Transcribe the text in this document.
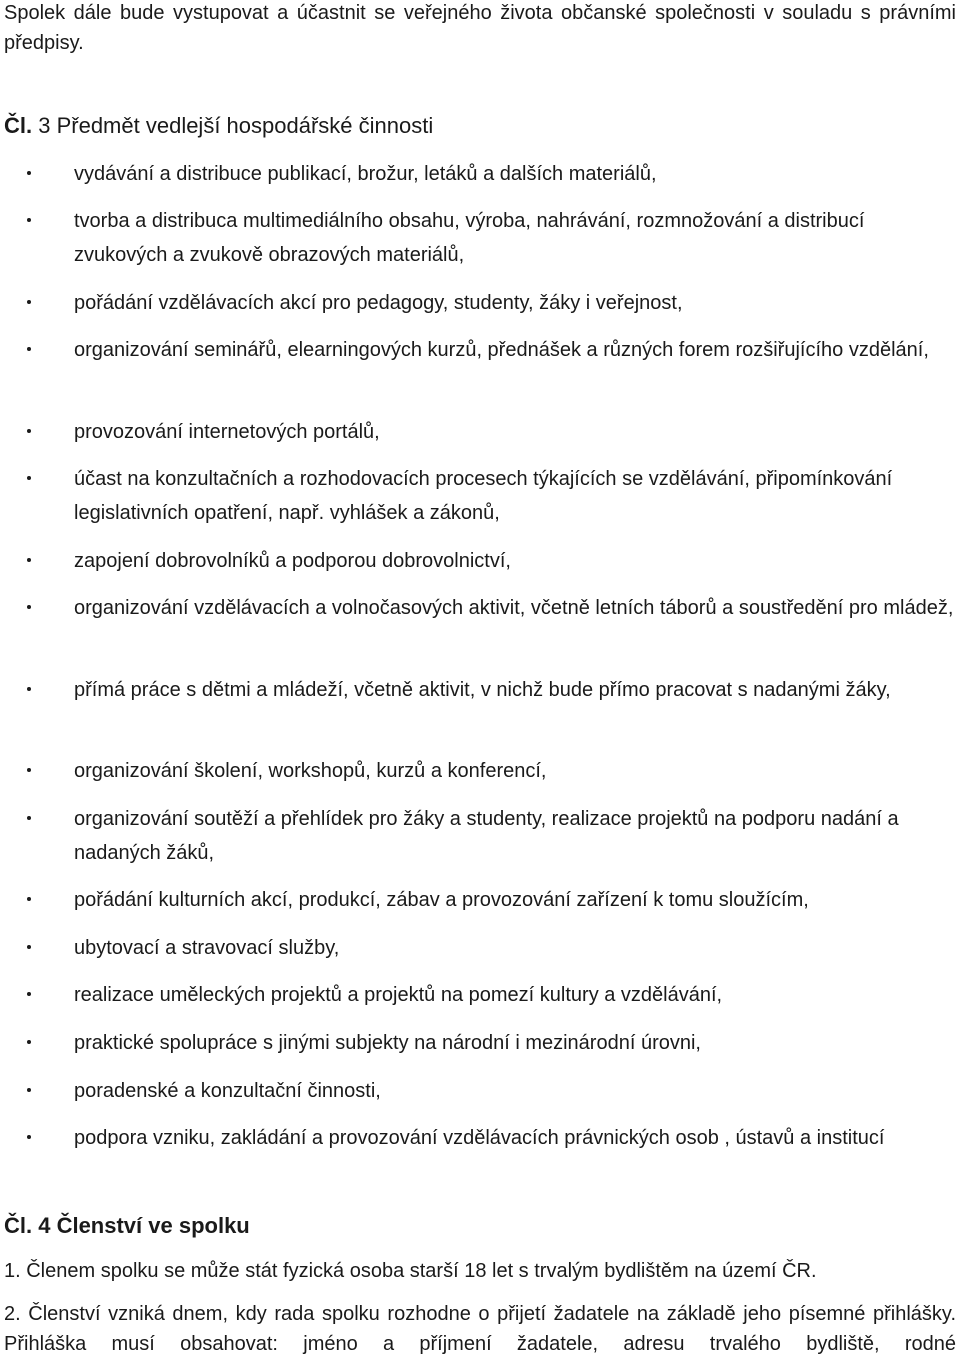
Spolek dále bude vystupovat a účastnit se veřejného života občanské společnosti v souladu s právními předpisy.

Čl. 3 Předmět vedlejší hospodářské činnosti
vydávání a distribuce publikací, brožur, letáků a dalších materiálů,
tvorba a distribuca multimediálního obsahu, výroba, nahrávání, rozmnožování a distribucí zvukových a zvukově obrazových materiálů,
pořádání vzdělávacích akcí pro pedagogy, studenty, žáky i veřejnost,
organizování seminářů, elearningových kurzů, přednášek a různých forem rozšiřujícího vzdělání,
provozování internetových portálů,
účast na konzultačních a rozhodovacích procesech týkajících se vzdělávání, připomínkování legislativních opatření, např. vyhlášek a zákonů,
zapojení dobrovolníků a podporou dobrovolnictví,
organizování vzdělávacích a volnočasových aktivit, včetně letních táborů a soustředění pro mládež,
přímá práce s dětmi a mládeží, včetně aktivit, v nichž bude přímo pracovat s nadanými žáky,
organizování školení, workshopů, kurzů a konferencí,
organizování soutěží a přehlídek pro žáky a studenty, realizace projektů na podporu nadání a nadaných žáků,
pořádání kulturních akcí, produkcí, zábav a provozování zařízení k tomu sloužícím,
ubytovací a stravovací služby,
realizace uměleckých projektů a projektů na pomezí kultury a vzdělávání,
praktické spolupráce s jinými subjekty na národní i mezinárodní úrovni,
poradenské a konzultační činnosti,
podpora vzniku, zakládání a provozování vzdělávacích právnických osob , ústavů a institucí
Čl. 4 Členství ve spolku

1. Členem spolku se může stát fyzická osoba starší 18 let s trvalým bydlištěm na území ČR.

2. Členství vzniká dnem, kdy rada spolku rozhodne o přijetí žadatele na základě jeho písemné přihlášky. Přihláška musí obsahovat: jméno a příjmení žadatele, adresu trvalého bydliště, rodné
